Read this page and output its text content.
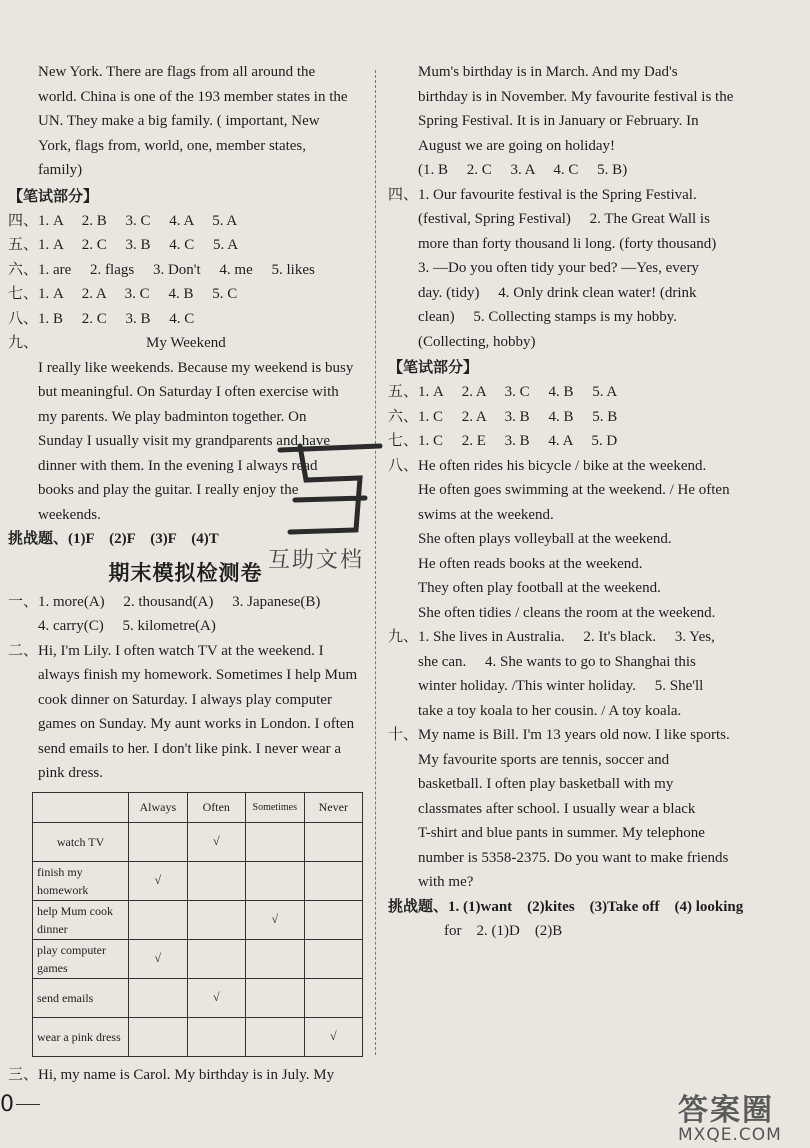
New York. There are flags from all around the
world. China is one of the 193 member states in the
UN. They make a big family. ( important, New
York, flags from, world, one, member states,
family)
【笔试部分】
四、1. A　 2. B　 3. C　 4. A　 5. A
五、1. A　 2. C　 3. B　 4. C　 5. A
六、1. are　 2. flags　 3. Don't　 4. me　 5. likes
七、1. A　 2. A　 3. C　 4. B　 5. C
八、1. B　 2. C　 3. B　 4. C
九、	My Weekend
I really like weekends. Because my weekend is busy
but meaningful. On Saturday I often exercise with
my parents. We play badminton together. On
Sunday I usually visit my grandparents and have
dinner with them. In the evening I always read
books and play the guitar. I really enjoy the
weekends.
挑战题、(1)F　(2)F　(3)F　(4)T
期末模拟检测卷
一、1. more(A)　 2. thousand(A)　 3. Japanese(B)
4. carry(C)　 5. kilometre(A)
二、Hi, I'm Lily. I often watch TV at the weekend. I
always finish my homework. Sometimes I help Mum
cook dinner on Saturday. I always play computer
games on Sunday. My aunt works in London. I often
send emails to her. I don't like pink. I never wear a
pink dress.
	Always	Often	Sometimes	Never
watch TV		√		
finish my homework	√			
help Mum cook dinner			√	
play computer games	√			
send emails		√		
wear a pink dress				√
三、Hi, my name is Carol. My birthday is in July. My
Mum's birthday is in March. And my Dad's
birthday is in November. My favourite festival is the
Spring Festival. It is in January or February. In
August we are going on holiday!
(1. B　 2. C　 3. A　 4. C　 5. B)
四、1. Our favourite festival is the Spring Festival.
(festival, Spring Festival)　 2. The Great Wall is
more than forty thousand li long. (forty thousand)
3. —Do you often tidy your bed? —Yes, every
day. (tidy)　 4. Only drink clean water! (drink
clean)　 5. Collecting stamps is my hobby.
(Collecting, hobby)
【笔试部分】
五、1. A　 2. A　 3. C　 4. B　 5. A
六、1. C　 2. A　 3. B　 4. B　 5. B
七、1. C　 2. E　 3. B　 4. A　 5. D
八、He often rides his bicycle / bike at the weekend.
He often goes swimming at the weekend. / He often
swims at the weekend.
She often plays volleyball at the weekend.
He often reads books at the weekend.
They often play football at the weekend.
She often tidies / cleans the room at the weekend.
九、1. She lives in Australia.　 2. It's black.　 3. Yes,
she can.　 4. She wants to go to Shanghai this
winter holiday. /This winter holiday.　 5. She'll
take a toy koala to her cousin. / A toy koala.
十、My name is Bill. I'm 13 years old now. I like sports.
My favourite sports are tennis, soccer and
basketball. I often play basketball with my
classmates after school. I usually wear a black
T-shirt and blue pants in summer. My telephone
number is 5358-2375. Do you want to make friends
with me?
挑战题、1. (1)want　(2)kites　(3)Take off　(4) looking
for　2. (1)D　(2)B
互助文档
0	答案圈
MXQE.COM
